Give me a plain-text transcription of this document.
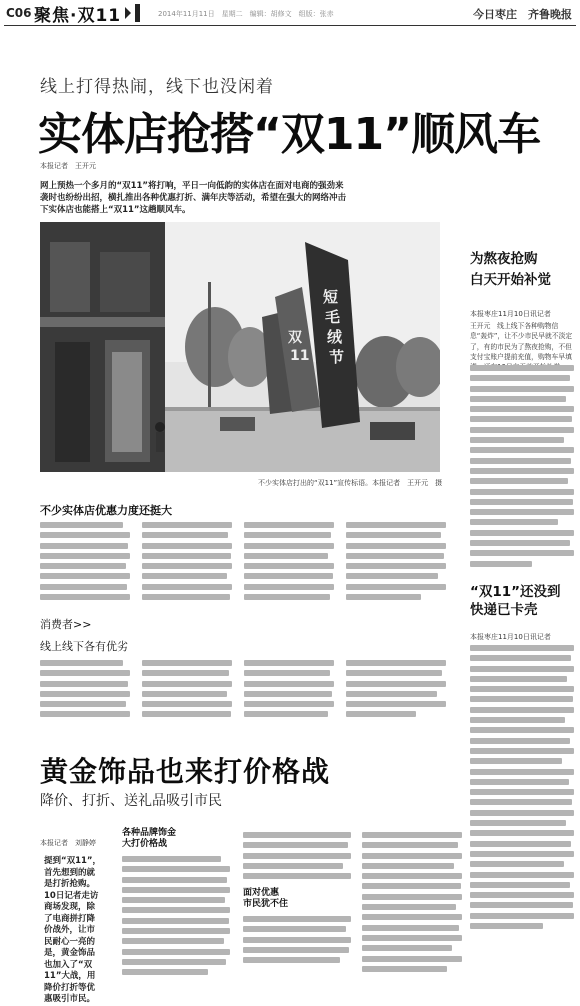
C06 聚焦·双11	2014年11月11日　星期二　编辑：胡修文　组版：张赤	今日枣庄　齐鲁晚报
线上打得热闹，线下也没闲着
实体店抢搭“双11”顺风车
本报记者　王开元
网上预热一个多月的“双11”将打响，平日一向低韵的实体店在面对电商的强劲来袭时也纷纷出招，横扎推出各种优惠打折、满年庆等活动，希望在强大的网络冲击下实体店也能搭上“双11”这趟顺风车。
双 11
短毛绒节
不少实体店打出的“双11”宣传标语。本报记者　王开元　摄
为熬夜抢购
白天开始补觉
本报枣庄11月10日讯记者
王开元　线上线下各种购物信息“轰炸”，让不少市民早就不淡定了，有的市民为了熬夜抢购，不但支付宝账户提前充值，购物车早填
“双11”还没到
快递已卡壳
本报枣庄11月10日讯记者
不少实体店优惠力度还挺大
消费者>>
线上线下各有优劣
黄金饰品也来打价格战
降价、打折、送礼品吸引市民
本报记者　刘静婷
提到“双11”，首先想到的就是打折抢购。10日记者走访商场发现，除了电商拼打降价战外，让市民耐心一亮的是，黄金饰品也加入了“双11”大战，用降价打折等优惠吸引市民。
各种品牌饰金
大打价格战
面对优惠
市民犹不住
